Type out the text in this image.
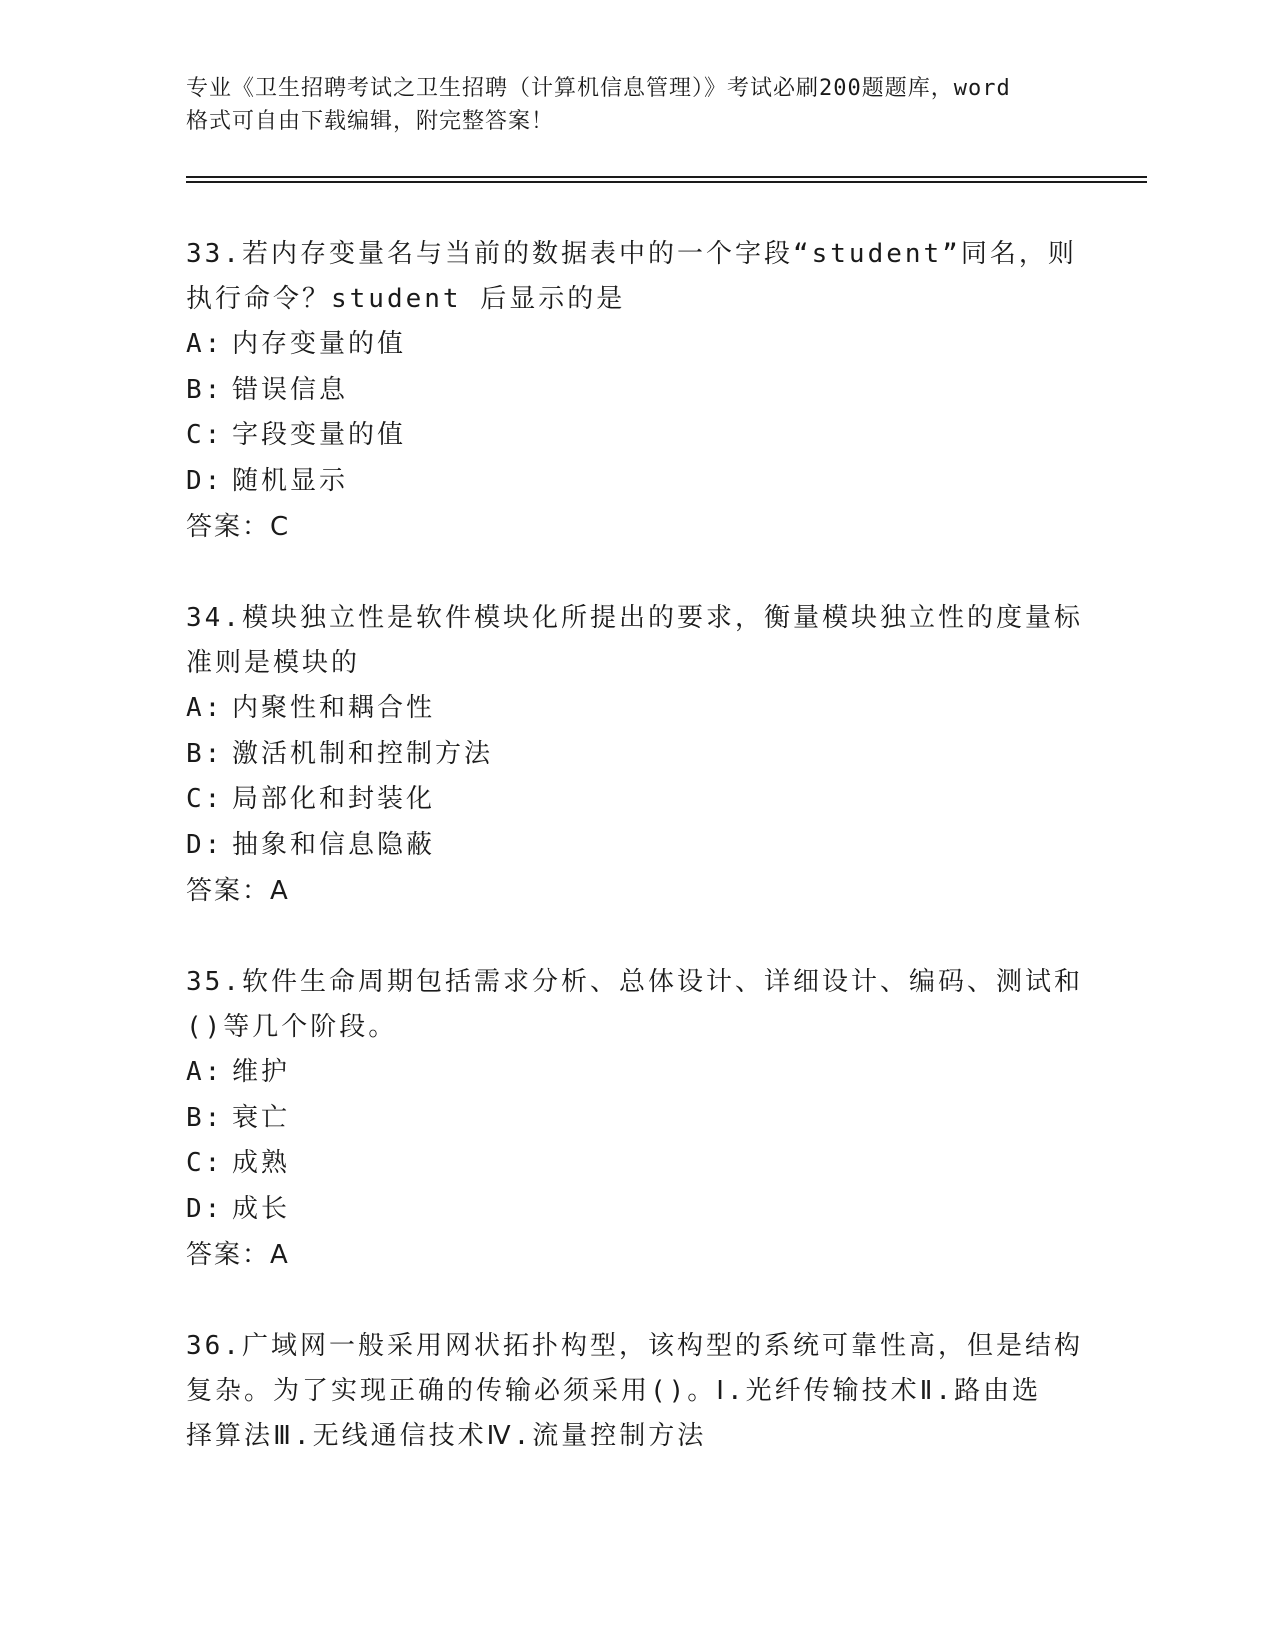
专业《卫生招聘考试之卫生招聘（计算机信息管理）》考试必刷200题题库，word
格式可自由下载编辑，附完整答案！
33.若内存变量名与当前的数据表中的一个字段“student”同名，则
执行命令？student 后显示的是
A: 内存变量的值
B: 错误信息
C: 字段变量的值
D: 随机显示
答案：C
34.模块独立性是软件模块化所提出的要求，衡量模块独立性的度量标
准则是模块的
A: 内聚性和耦合性
B: 激活机制和控制方法
C: 局部化和封装化
D: 抽象和信息隐蔽
答案：A
35.软件生命周期包括需求分析、总体设计、详细设计、编码、测试和
()等几个阶段。
A: 维护
B: 衰亡
C: 成熟
D: 成长
答案：A
36.广域网一般采用网状拓扑构型，该构型的系统可靠性高，但是结构
复杂。为了实现正确的传输必须采用()。Ⅰ.光纤传输技术Ⅱ.路由选
择算法Ⅲ.无线通信技术Ⅳ.流量控制方法
